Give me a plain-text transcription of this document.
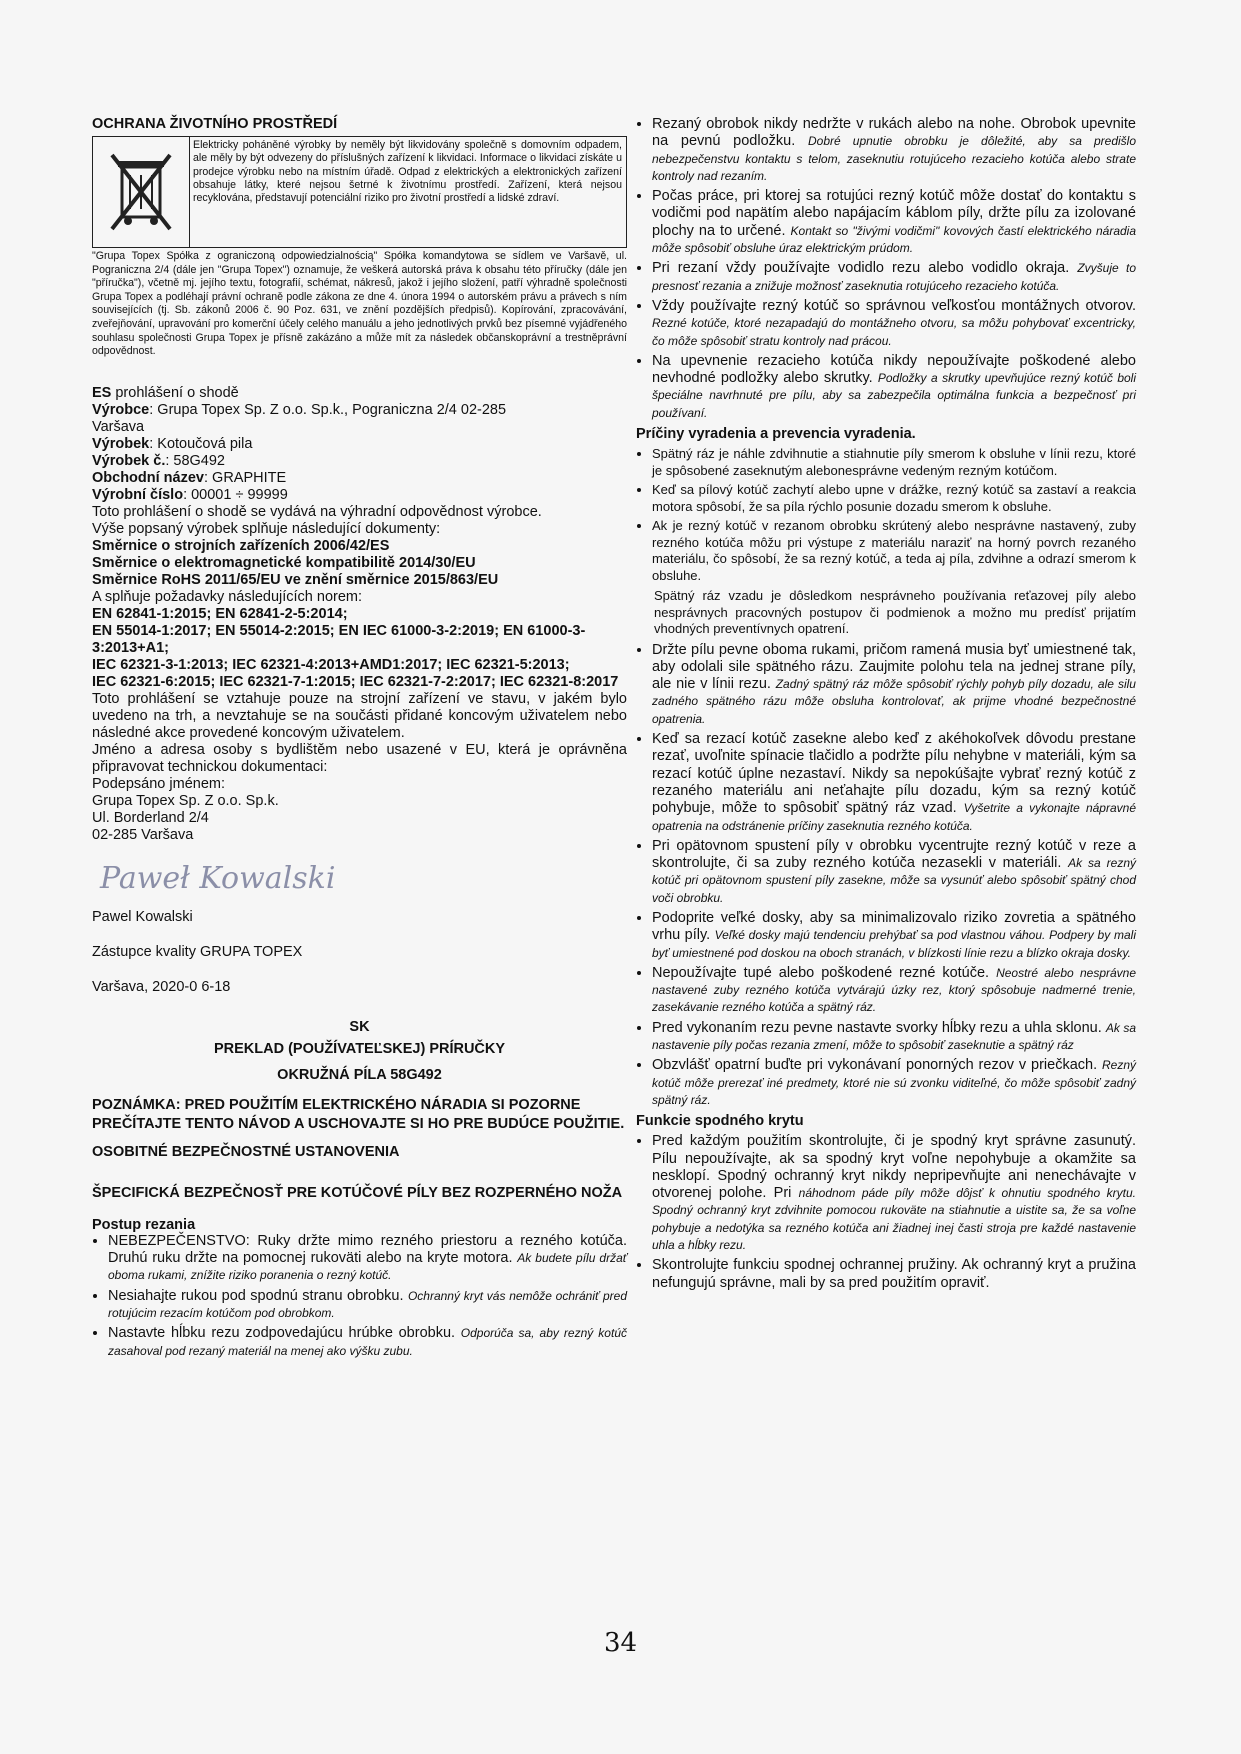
OCHRANA ŽIVOTNÍHO PROSTŘEDÍ

Elektricky poháněné výrobky by neměly být likvidovány společně s domovním odpadem, ale měly by být odvezeny do příslušných zařízení k likvidaci. Informace o likvidaci získáte u prodejce výrobku nebo na místním úřadě. Odpad z elektrických a elektronických zařízení obsahuje látky, které nejsou šetrné k životnímu prostředí. Zařízení, která nejsou recyklována, představují potenciální riziko pro životní prostředí a lidské zdraví.

"Grupa Topex Spółka z ograniczoną odpowiedzialnością" Spółka komandytowa se sídlem ve Varšavě, ul. Pograniczna 2/4 (dále jen "Grupa Topex") oznamuje, že veškerá autorská práva k obsahu této příručky (dále jen "příručka"), včetně mj. jejího textu, fotografií, schémat, nákresů, jakož i jejího složení, patří výhradně společnosti Grupa Topex a podléhají právní ochraně podle zákona ze dne 4. února 1994 o autorském právu a právech s ním souvisejících (tj. Sb. zákonů 2006 č. 90 Poz. 631, ve znění pozdějších předpisů). Kopírování, zpracovávání, zveřejňování, upravování pro komerční účely celého manuálu a jeho jednotlivých prvků bez písemné vyjádřeného souhlasu společnosti Grupa Topex je přísně zakázáno a může mít za následek občanskoprávní a trestněprávní odpovědnost.

ES prohlášení o shodě

Výrobce: Grupa Topex Sp. Z o.o. Sp.k., Pograniczna 2/4 02-285

Varšava

Výrobek: Kotoučová pila

Výrobek č.: 58G492

Obchodní název: GRAPHITE

Výrobní číslo: 00001 ÷ 99999

Toto prohlášení o shodě se vydává na výhradní odpovědnost výrobce.

Výše popsaný výrobek splňuje následující dokumenty:

Směrnice o strojních zařízeních 2006/42/ES

Směrnice o elektromagnetické kompatibilitě 2014/30/EU

Směrnice RoHS 2011/65/EU ve znění směrnice 2015/863/EU

A splňuje požadavky následujících norem:

EN 62841-1:2015; EN 62841-2-5:2014;

EN 55014-1:2017; EN 55014-2:2015; EN IEC 61000-3-2:2019; EN 61000-3-3:2013+A1;

IEC 62321-3-1:2013; IEC 62321-4:2013+AMD1:2017; IEC 62321-5:2013;

IEC 62321-6:2015; IEC 62321-7-1:2015; IEC 62321-7-2:2017; IEC 62321-8:2017

Toto prohlášení se vztahuje pouze na strojní zařízení ve stavu, v jakém bylo uvedeno na trh, a nevztahuje se na součásti přidané koncovým uživatelem nebo následné akce provedené koncovým uživatelem.

Jméno a adresa osoby s bydlištěm nebo usazené v EU, která je oprávněna připravovat technickou dokumentaci:

Podepsáno jménem:

Grupa Topex Sp. Z o.o. Sp.k.

Ul. Borderland 2/4

02-285 Varšava

Paweł Kowalski

Pawel Kowalski

Zástupce kvality GRUPA TOPEX

Varšava, 2020-0 6-18

SK

PREKLAD (POUŽÍVATEĽSKEJ) PRÍRUČKY

OKRUŽNÁ PÍLA 58G492

POZNÁMKA: PRED POUŽITÍM ELEKTRICKÉHO NÁRADIA SI POZORNE PREČÍTAJTE TENTO NÁVOD A USCHOVAJTE SI HO PRE BUDÚCE POUŽITIE.

OSOBITNÉ BEZPEČNOSTNÉ USTANOVENIA

ŠPECIFICKÁ BEZPEČNOSŤ PRE KOTÚČOVÉ PÍLY BEZ ROZPERNÉHO NOŽA

Postup rezania

• NEBEZPEČENSTVO: Ruky držte mimo rezného priestoru a rezného kotúča. Druhú ruku držte na pomocnej rukoväti alebo na kryte motora. Ak budete pílu držať oboma rukami, znížite riziko poranenia o rezný kotúč.
• Nesiahajte rukou pod spodnú stranu obrobku. Ochranný kryt vás nemôže ochrániť pred rotujúcim rezacím kotúčom pod obrobkom.
• Nastavte hĺbku rezu zodpovedajúcu hrúbke obrobku. Odporúča sa, aby rezný kotúč zasahoval pod rezaný materiál na menej ako výšku zubu.
• Rezaný obrobok nikdy nedržte v rukách alebo na nohe. Obrobok upevnite na pevnú podložku. Dobré upnutie obrobku je dôležité, aby sa predišlo nebezpečenstvu kontaktu s telom, zaseknutiu rotujúceho rezacieho kotúča alebo strate kontroly nad rezaním.
• Počas práce, pri ktorej sa rotujúci rezný kotúč môže dostať do kontaktu s vodičmi pod napätím alebo napájacím káblom píly, držte pílu za izolované plochy na to určené. Kontakt so "živými vodičmi" kovových častí elektrického náradia môže spôsobiť obsluhe úraz elektrickým prúdom.
• Pri rezaní vždy používajte vodidlo rezu alebo vodidlo okraja. Zvyšuje to presnosť rezania a znižuje možnosť zaseknutia rotujúceho rezacieho kotúča.
• Vždy používajte rezný kotúč so správnou veľkosťou montážnych otvorov. Rezné kotúče, ktoré nezapadajú do montážneho otvoru, sa môžu pohybovať excentricky, čo môže spôsobiť stratu kontroly nad prácou.
• Na upevnenie rezacieho kotúča nikdy nepoužívajte poškodené alebo nevhodné podložky alebo skrutky. Podložky a skrutky upevňujúce rezný kotúč boli špeciálne navrhnuté pre pílu, aby sa zabezpečila optimálna funkcia a bezpečnosť pri používaní.

Príčiny vyradenia a prevencia vyradenia.

• Spätný ráz je náhle zdvihnutie a stiahnutie píly smerom k obsluhe v línii rezu, ktoré je spôsobené zaseknutým alebonesprávne vedeným rezným kotúčom.
• Keď sa pílový kotúč zachytí alebo upne v drážke, rezný kotúč sa zastaví a reakcia motora spôsobí, že sa píla rýchlo posunie dozadu smerom k obsluhe.
• Ak je rezný kotúč v rezanom obrobku skrútený alebo nesprávne nastavený, zuby rezného kotúča môžu pri výstupe z materiálu naraziť na horný povrch rezaného materiálu, čo spôsobí, že sa rezný kotúč, a teda aj píla, zdvihne a odrazí smerom k obsluhe.

Spätný ráz vzadu je dôsledkom nesprávneho používania reťazovej píly alebo nesprávnych pracovných postupov či podmienok a možno mu predísť prijatím vhodných preventívnych opatrení.

• Držte pílu pevne oboma rukami, pričom ramená musia byť umiestnené tak, aby odolali sile spätného rázu. Zaujmite polohu tela na jednej strane píly, ale nie v línii rezu. Zadný spätný ráz môže spôsobiť rýchly pohyb píly dozadu, ale silu zadného spätného rázu môže obsluha kontrolovať, ak prijme vhodné bezpečnostné opatrenia.
• Keď sa rezací kotúč zasekne alebo keď z akéhokoľvek dôvodu prestane rezať, uvoľnite spínacie tlačidlo a podržte pílu nehybne v materiáli, kým sa rezací kotúč úplne nezastaví. Nikdy sa nepokúšajte vybrať rezný kotúč z rezaného materiálu ani neťahajte pílu dozadu, kým sa rezný kotúč pohybuje, môže to spôsobiť spätný ráz vzad. Vyšetrite a vykonajte nápravné opatrenia na odstránenie príčiny zaseknutia rezného kotúča.
• Pri opätovnom spustení píly v obrobku vycentrujte rezný kotúč v reze a skontrolujte, či sa zuby rezného kotúča nezasekli v materiáli. Ak sa rezný kotúč pri opätovnom spustení píly zasekne, môže sa vysunúť alebo spôsobiť spätný chod voči obrobku.
• Podoprite veľké dosky, aby sa minimalizovalo riziko zovretia a spätného vrhu píly. Veľké dosky majú tendenciu prehýbať sa pod vlastnou váhou. Podpery by mali byť umiestnené pod doskou na oboch stranách, v blízkosti línie rezu a blízko okraja dosky.
• Nepoužívajte tupé alebo poškodené rezné kotúče. Neostré alebo nesprávne nastavené zuby rezného kotúča vytvárajú úzky rez, ktorý spôsobuje nadmerné trenie, zasekávanie rezného kotúča a spätný ráz.
• Pred vykonaním rezu pevne nastavte svorky hĺbky rezu a uhla sklonu. Ak sa nastavenie píly počas rezania zmení, môže to spôsobiť zaseknutie a spätný ráz
• Obzvlášť opatrní buďte pri vykonávaní ponorných rezov v priečkach. Rezný kotúč môže prerezať iné predmety, ktoré nie sú zvonku viditeľné, čo môže spôsobiť zadný spätný ráz.

Funkcie spodného krytu

• Pred každým použitím skontrolujte, či je spodný kryt správne zasunutý. Pílu nepoužívajte, ak sa spodný kryt voľne nepohybuje a okamžite sa nesklopí. Spodný ochranný kryt nikdy nepripevňujte ani nenechávajte v otvorenej polohe. Pri náhodnom páde píly môže dôjsť k ohnutiu spodného krytu. Spodný ochranný kryt zdvihnite pomocou rukoväte na stiahnutie a uistite sa, že sa voľne pohybuje a nedotýka sa rezného kotúča ani žiadnej inej časti stroja pre každé nastavenie uhla a hĺbky rezu.
• Skontrolujte funkciu spodnej ochrannej pružiny. Ak ochranný kryt a pružina nefungujú správne, mali by sa pred použitím opraviť.
34
